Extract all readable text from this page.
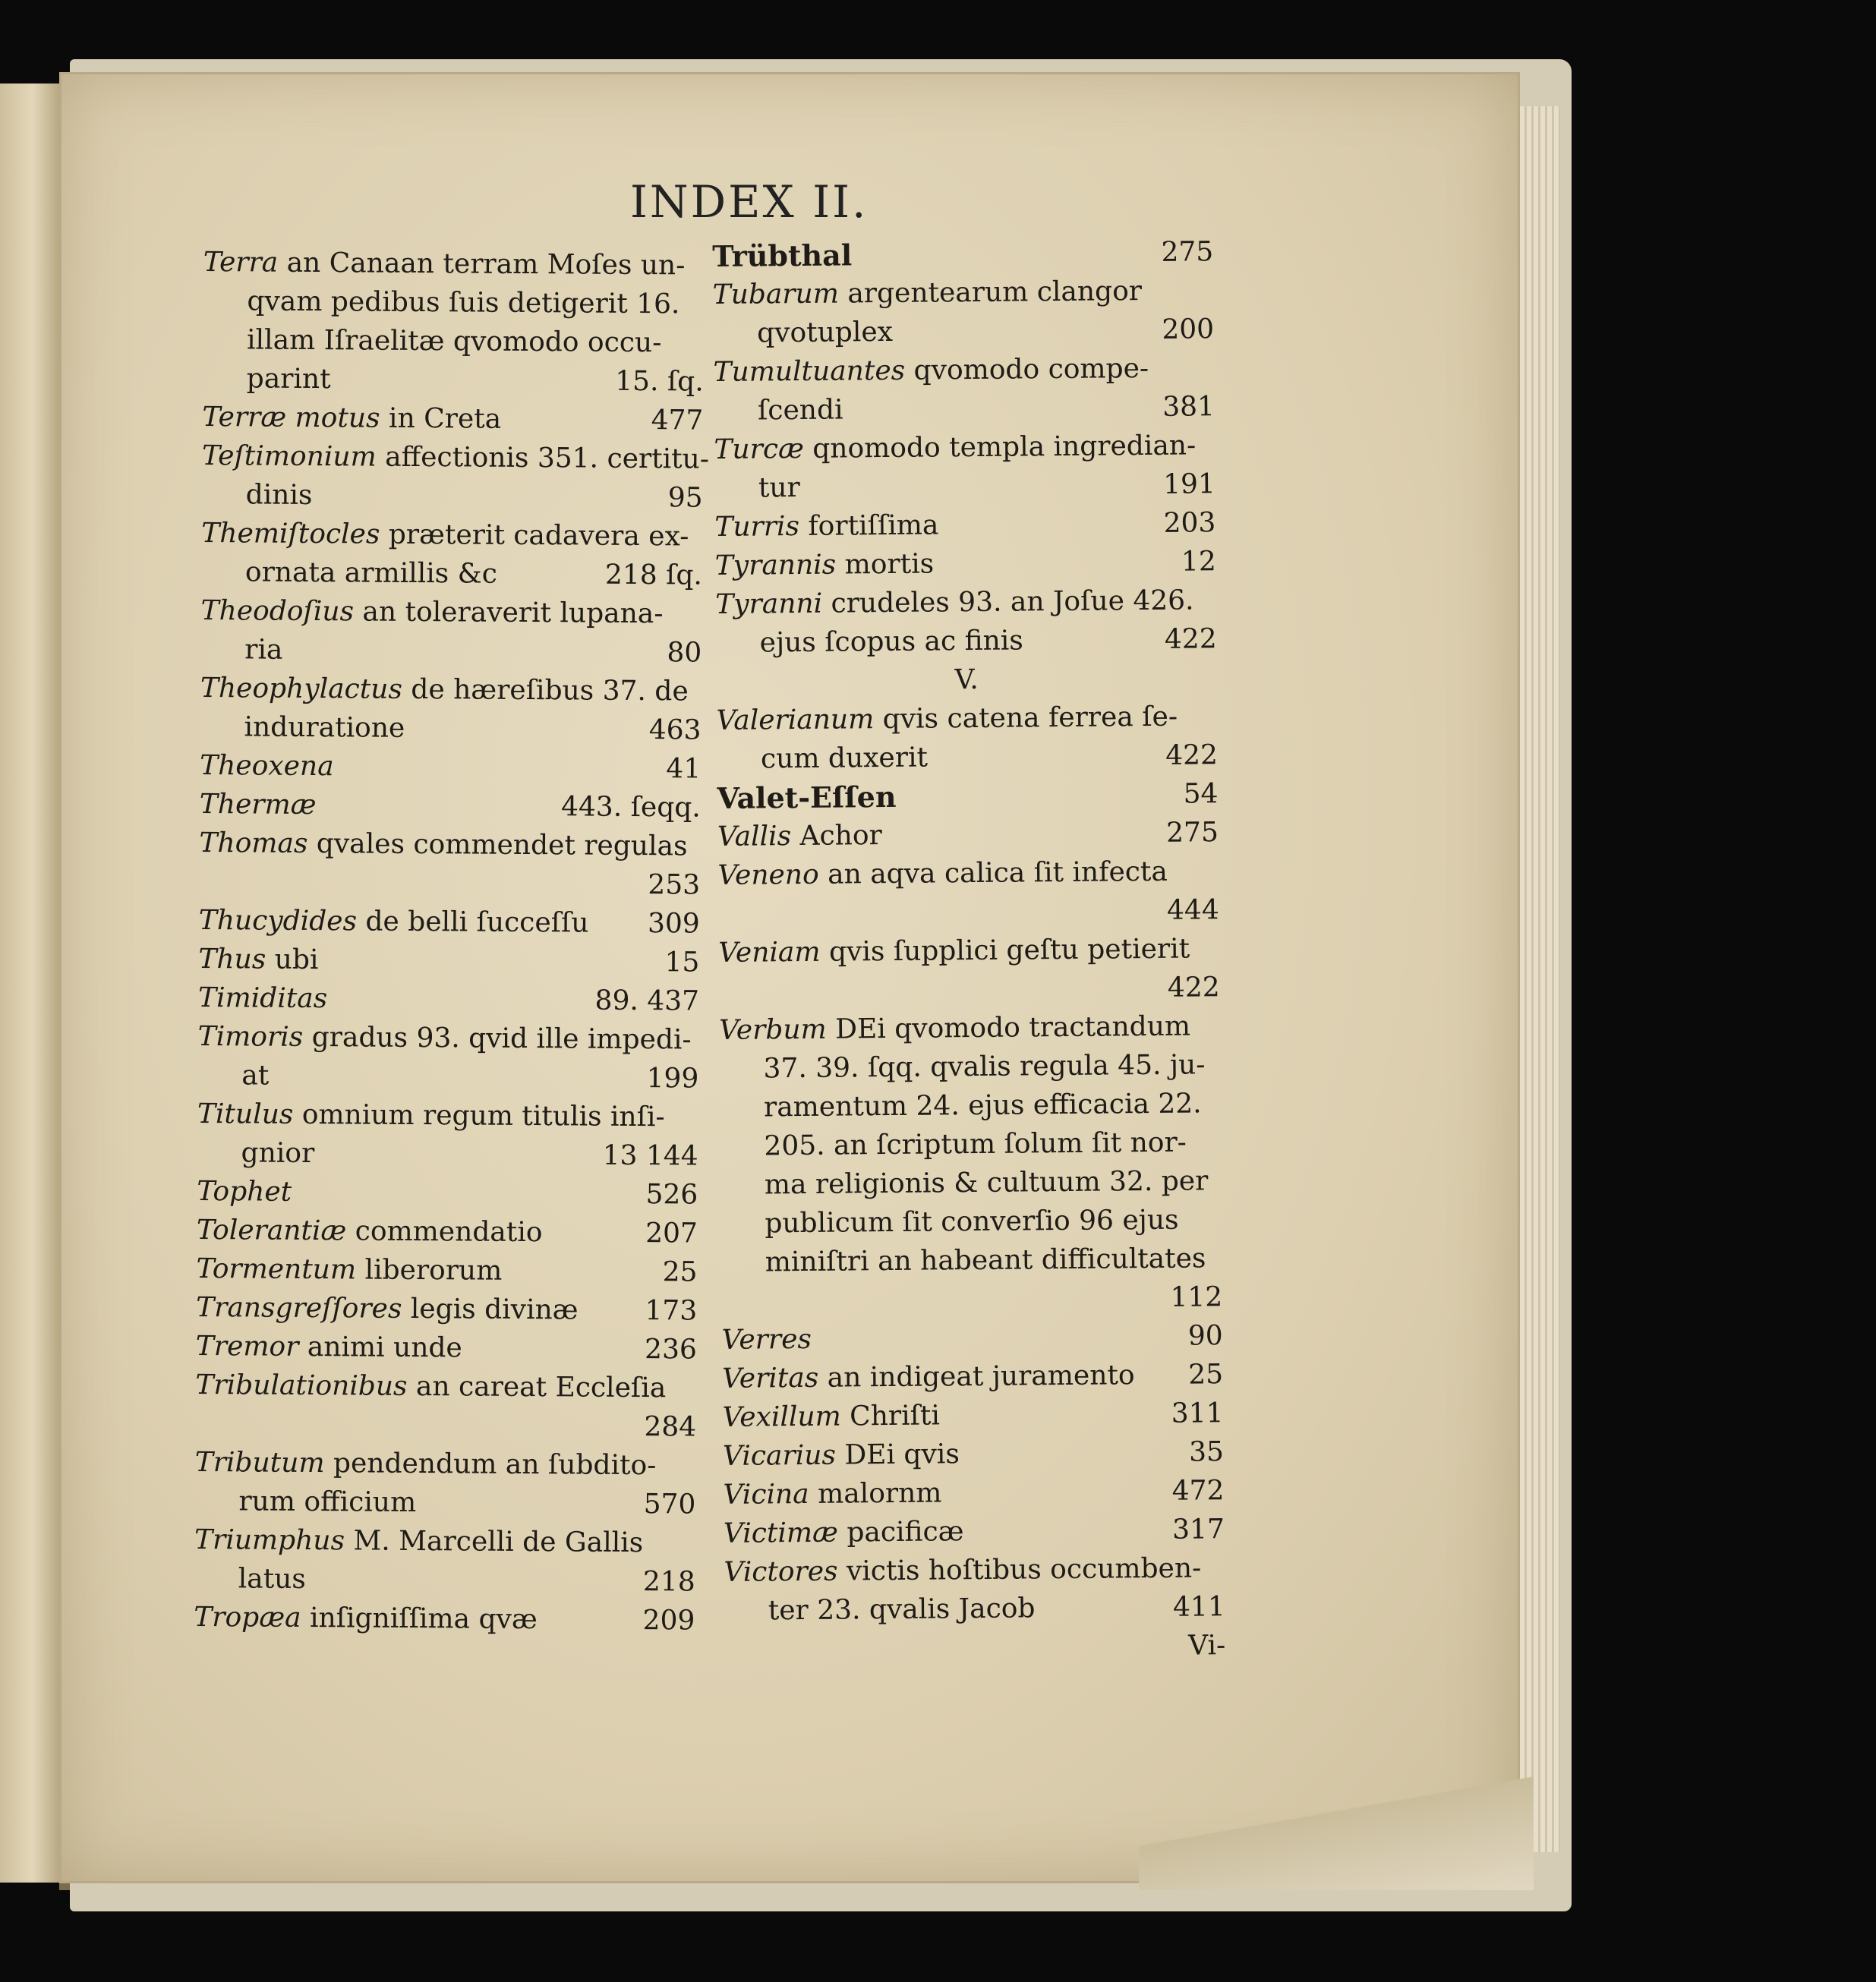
INDEX II.
Terra an Canaan terram Moſes un-
qvam pedibus ſuis detigerit 16.
illam Iſraelitæ qvomodo occu-
parint	15. ſq.
Terræ motus in Creta	477
Teſtimonium affectionis 351. certitu-
dinis	95
Themiſtocles præterit cadavera ex-
ornata armillis &c	218 ſq.
Theodoſius an toleraverit lupana-
ria	80
Theophylactus de hæreſibus 37. de
induratione	463
Theoxena	41
Thermæ	443. ſeqq.
Thomas qvales commendet regulas
253
Thucydides de belli ſucceſſu 309
Thus ubi	15
Timiditas	89. 437
Timoris gradus 93. qvid ille impedi-
at	199
Titulus omnium regum titulis inſi-
gnior	13 144
Tophet	526
Tolerantiæ commendatio	207
Tormentum liberorum	25
Transgreſſores legis divinæ 173
Tremor animi unde	236
Tribulationibus an careat Eccleſia
284
Tributum pendendum an ſubdito-
rum officium	570
Triumphus M. Marcelli de Gallis
latus	218
Tropæa inſigniſſima qvæ	209
Trübthal	275
Tubarum argentearum clangor
qvotuplex	200
Tumultuantes qvomodo compe-
ſcendi	381
Turcæ qnomodo templa ingredian-
tur	191
Turris fortiſſima	203
Tyrannis mortis	12
Tyranni crudeles 93. an Joſue 426.
ejus ſcopus ac finis	422
V.
Valerianum qvis catena ferrea ſe-
cum duxerit	422
Valet-Eſſen	54
Vallis Achor	275
Veneno an aqva calica ſit infecta
444
Veniam qvis ſupplici geſtu petierit
422
Verbum DEi qvomodo tractandum
37. 39. ſqq. qvalis regula 45. ju-
ramentum 24. ejus efficacia 22.
205. an ſcriptum ſolum ſit nor-
ma religionis & cultuum 32. per
publicum ſit converſio 96 ejus
miniſtri an habeant difficultates
112
Verres	90
Veritas an indigeat juramento 25
Vexillum Chriſti	311
Vicarius DEi qvis	35
Vicina malornm	472
Victimæ pacificæ	317
Victores victis hoſtibus occumben-
ter 23. qvalis Jacob	411
Vi-
